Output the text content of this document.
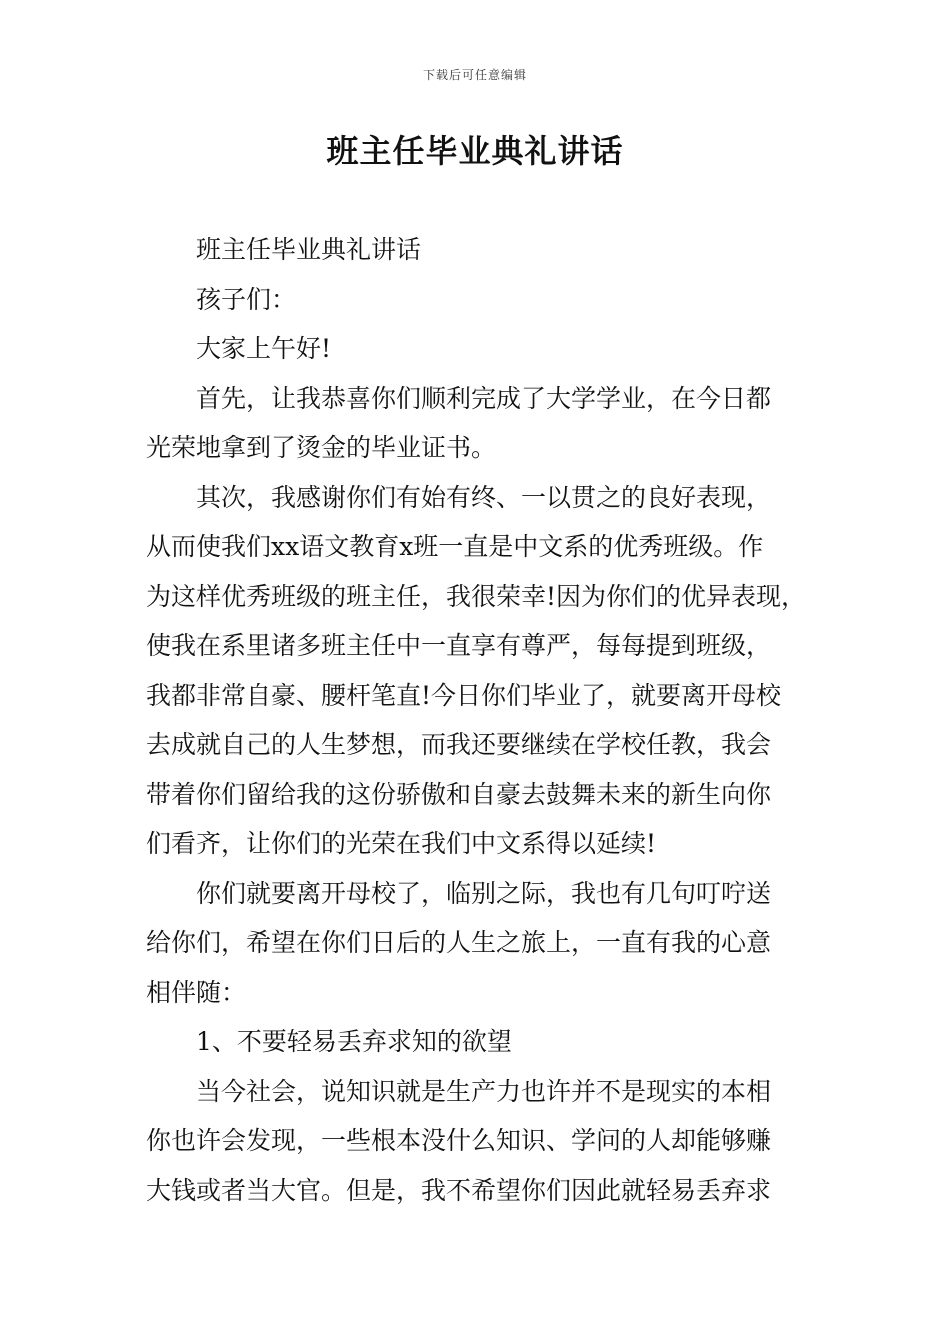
下载后可任意编辑
班主任毕业典礼讲话
班主任毕业典礼讲话
孩子们：
大家上午好!
首先，让我恭喜你们顺利完成了大学学业，在今日都
光荣地拿到了烫金的毕业证书。
其次，我感谢你们有始有终、一以贯之的良好表现，
从而使我们xx语文教育x班一直是中文系的优秀班级。作
为这样优秀班级的班主任，我很荣幸!因为你们的优异表现，
使我在系里诸多班主任中一直享有尊严，每每提到班级，
我都非常自豪、腰杆笔直!今日你们毕业了，就要离开母校
去成就自己的人生梦想，而我还要继续在学校任教，我会
带着你们留给我的这份骄傲和自豪去鼓舞未来的新生向你
们看齐，让你们的光荣在我们中文系得以延续!
你们就要离开母校了，临别之际，我也有几句叮咛送
给你们，希望在你们日后的人生之旅上，一直有我的心意
相伴随：
1、不要轻易丢弃求知的欲望
当今社会，说知识就是生产力也许并不是现实的本相
你也许会发现，一些根本没什么知识、学问的人却能够赚
大钱或者当大官。但是，我不希望你们因此就轻易丢弃求
